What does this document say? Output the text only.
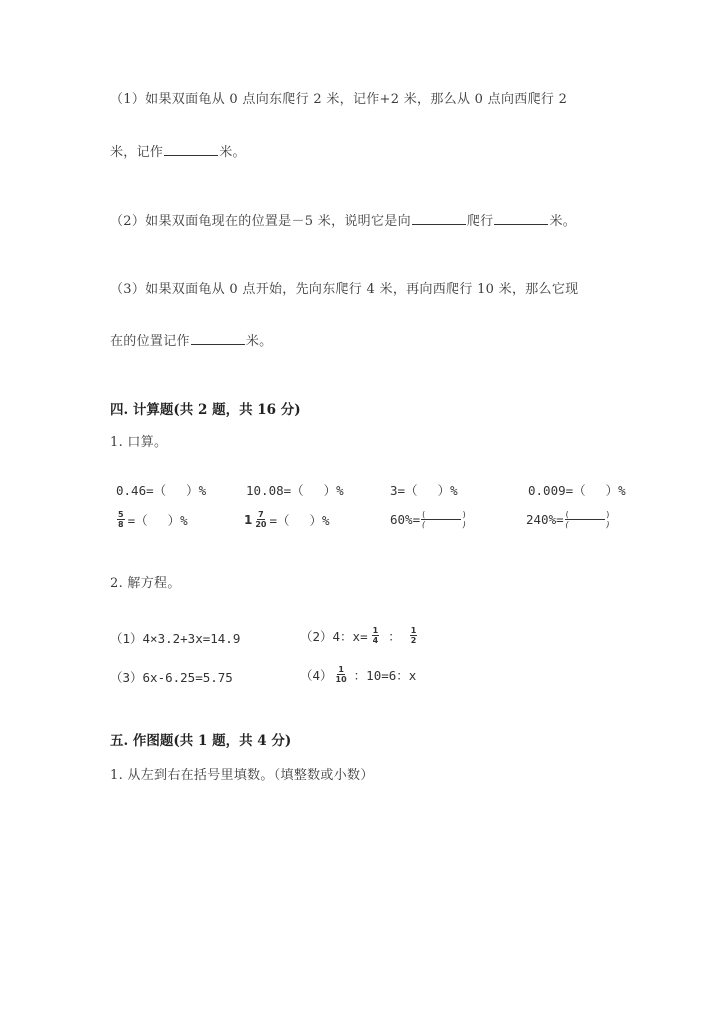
（1）如果双面龟从 0 点向东爬行 2 米，记作+2 米，那么从 0 点向西爬行 2
米，记作	米。
（2）如果双面龟现在的位置是－5 米，说明它是向	爬行	米。
（3）如果双面龟从 0 点开始，先向东爬行 4 米，再向西爬行 10 米，那么它现
在的位置记作	米。
四. 计算题(共 2 题，共 16 分)
1. 口算。
0.46=（　 ）%	10.08=（　 ）%	3=（　 ）%	0.009=（　 ）%
$\frac{5}{8}$ =（　 ）%	$1 \frac{7}{20}$ =（　 ）%	$60\%= \frac{( )}{( )}$	$240\%= \frac{( )}{( )}$
2. 解方程。
（1）4×3.2+3x=14.9	（2）4：$x= \frac{1}{4}$ ： $\frac{1}{2}$
（3）6x-6.25=5.75	$(4) \frac{1}{10}$ ：10=6：x
五. 作图题(共 1 题，共 4 分)
1. 从左到右在括号里填数。（填整数或小数）
